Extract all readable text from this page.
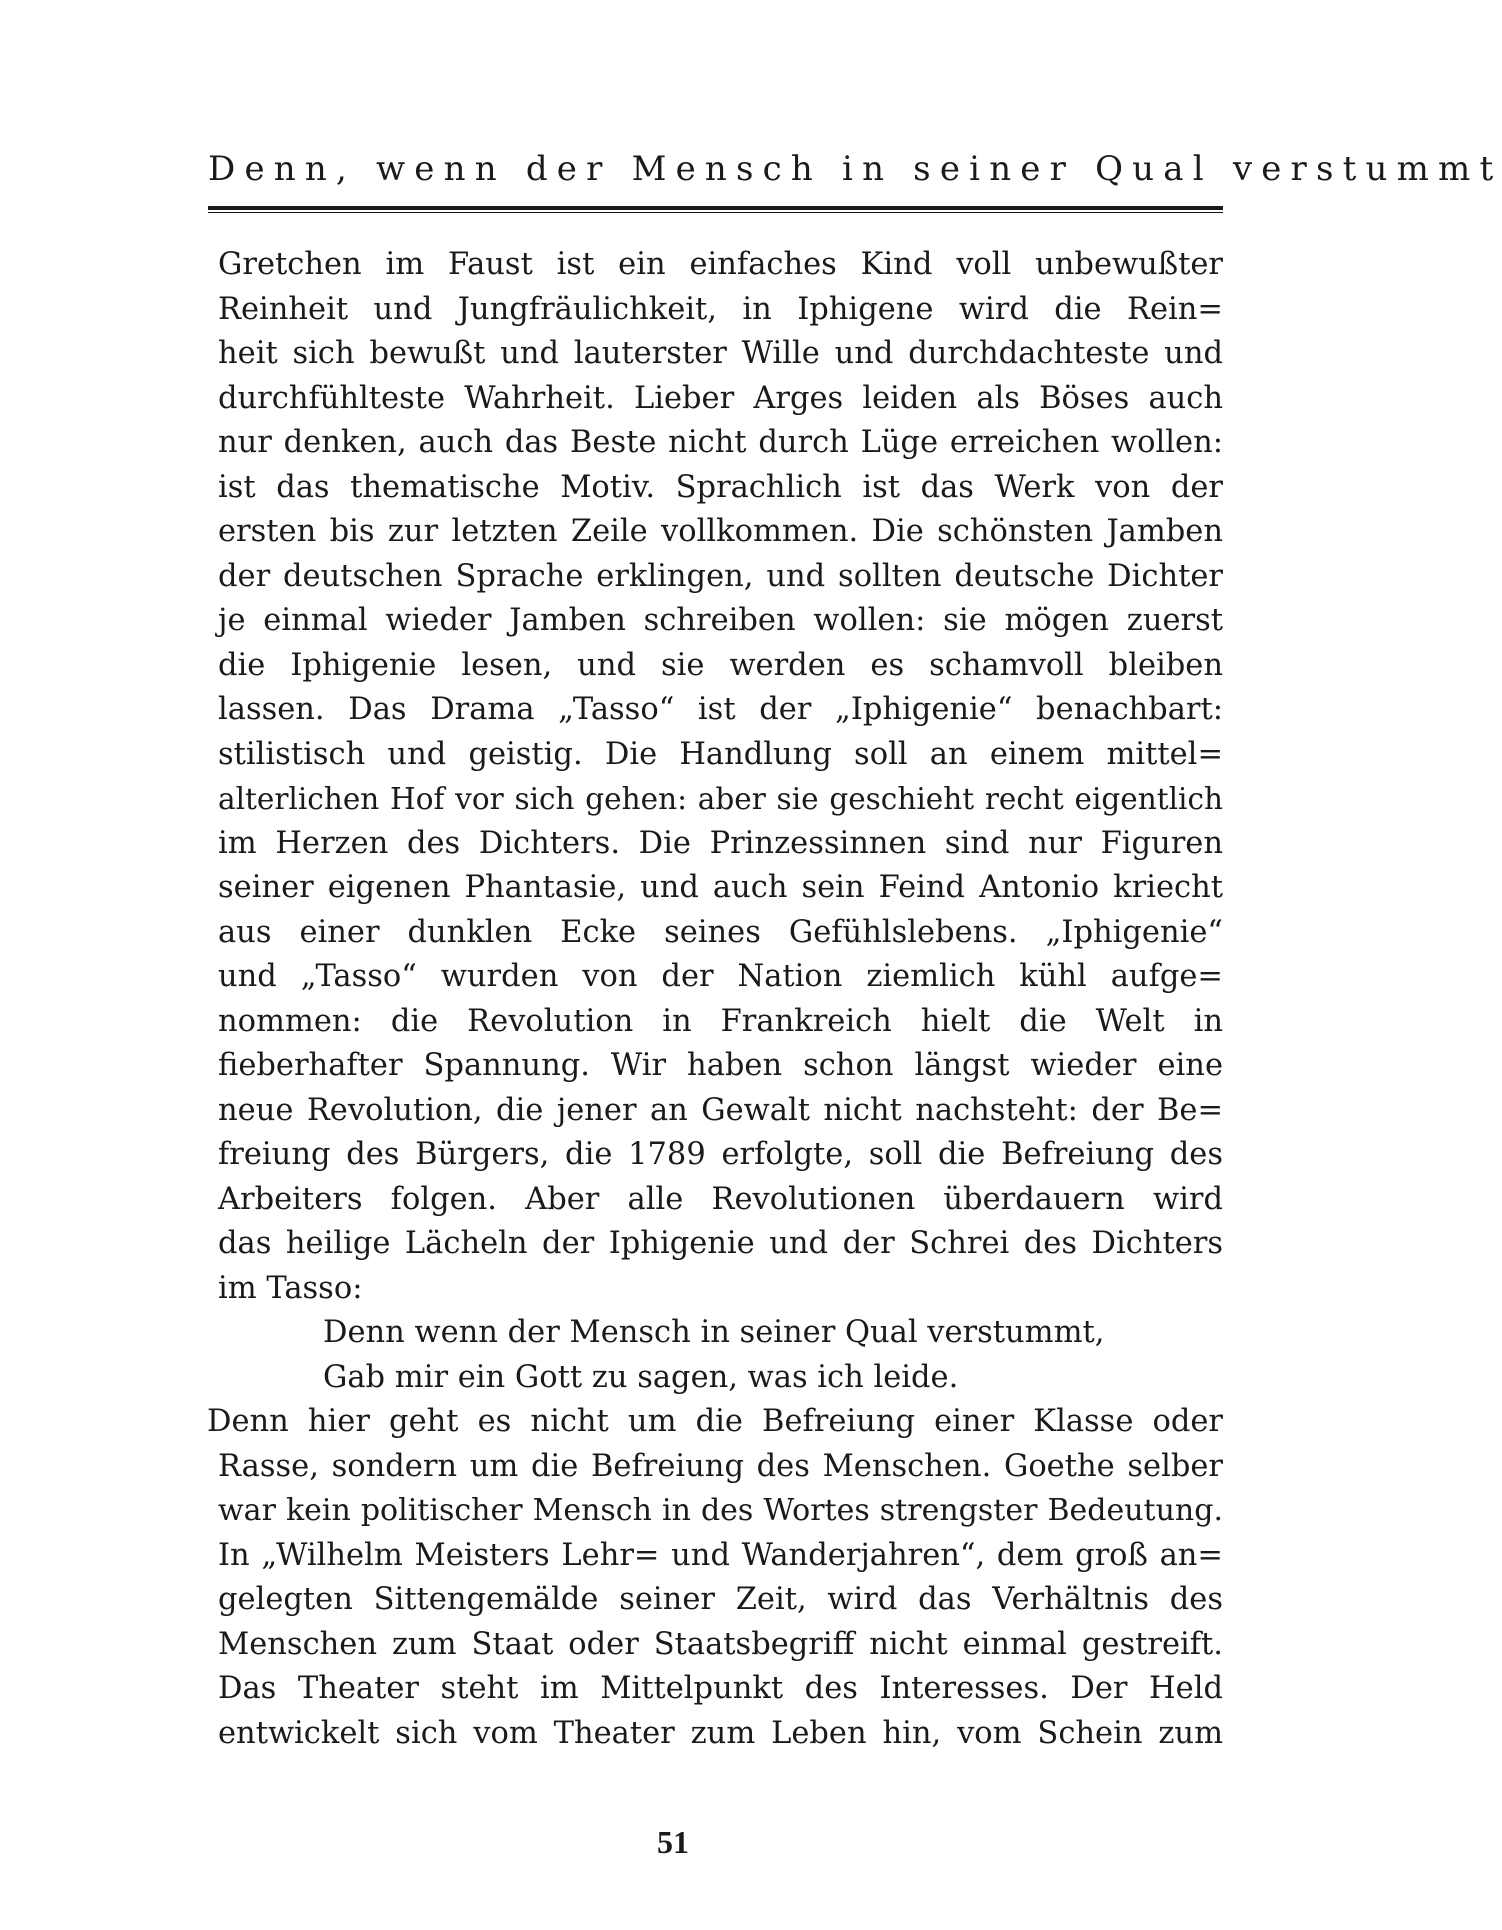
Denn, wenn der Mensch in seiner Qual verstummt
Gretchen im Faust ist ein einfaches Kind voll unbewußter
Reinheit und Jungfräulichkeit, in Iphigene wird die Rein=
heit sich bewußt und lauterster Wille und durchdachteste und
durchfühlteste Wahrheit. Lieber Arges leiden als Böses auch
nur denken, auch das Beste nicht durch Lüge erreichen wollen:
ist das thematische Motiv. Sprachlich ist das Werk von der
ersten bis zur letzten Zeile vollkommen. Die schönsten Jamben
der deutschen Sprache erklingen, und sollten deutsche Dichter
je einmal wieder Jamben schreiben wollen: sie mögen zuerst
die Iphigenie lesen, und sie werden es schamvoll bleiben
lassen. Das Drama „Tasso“ ist der „Iphigenie“ benachbart:
stilistisch und geistig. Die Handlung soll an einem mittel=
alterlichen Hof vor sich gehen: aber sie geschieht recht eigentlich
im Herzen des Dichters. Die Prinzessinnen sind nur Figuren
seiner eigenen Phantasie, und auch sein Feind Antonio kriecht
aus einer dunklen Ecke seines Gefühlslebens. „Iphigenie“
und „Tasso“ wurden von der Nation ziemlich kühl aufge=
nommen: die Revolution in Frankreich hielt die Welt in
fieberhafter Spannung. Wir haben schon längst wieder eine
neue Revolution, die jener an Gewalt nicht nachsteht: der Be=
freiung des Bürgers, die 1789 erfolgte, soll die Befreiung des
Arbeiters folgen. Aber alle Revolutionen überdauern wird
das heilige Lächeln der Iphigenie und der Schrei des Dichters
im Tasso:
Denn wenn der Mensch in seiner Qual verstummt,
Gab mir ein Gott zu sagen, was ich leide.
Denn hier geht es nicht um die Befreiung einer Klasse oder
Rasse, sondern um die Befreiung des Menschen. Goethe selber
war kein politischer Mensch in des Wortes strengster Bedeutung.
In „Wilhelm Meisters Lehr= und Wanderjahren“, dem groß an=
gelegten Sittengemälde seiner Zeit, wird das Verhältnis des
Menschen zum Staat oder Staatsbegriff nicht einmal gestreift.
Das Theater steht im Mittelpunkt des Interesses. Der Held
entwickelt sich vom Theater zum Leben hin, vom Schein zum
51
